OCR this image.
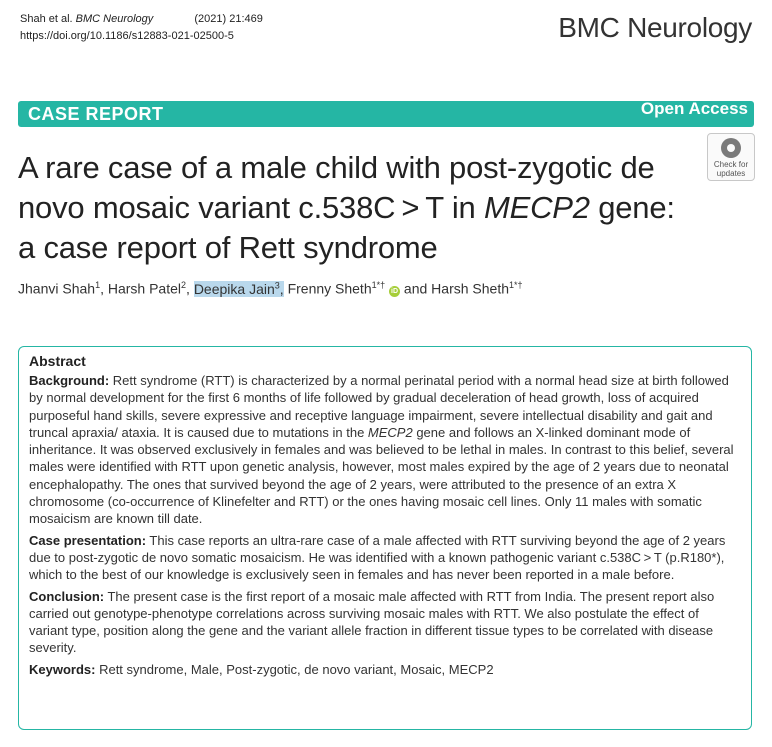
Shah et al. BMC Neurology	(2021) 21:469
https://doi.org/10.1186/s12883-021-02500-5	BMC Neurology
CASE REPORT	Open Access
Check for
updates
A rare case of a male child with post-zygotic de novo mosaic variant c.538C > T in MECP2 gene: a case report of Rett syndrome
Jhanvi Shah$^1$, Harsh Patel$^2$, Deepika Jain$^3$, Frenny Sheth$^{1*\dagger}$ iD and Harsh Sheth$^{1*\dagger}$
Abstract

Background: Rett syndrome (RTT) is characterized by a normal perinatal period with a normal head size at birth followed by normal development for the first 6 months of life followed by gradual deceleration of head growth, loss of acquired purposeful hand skills, severe expressive and receptive language impairment, severe intellectual disability and gait and truncal apraxia/ ataxia. It is caused due to mutations in the MECP2 gene and follows an X-linked dominant mode of inheritance. It was observed exclusively in females and was believed to be lethal in males. In contrast to this belief, several males were identified with RTT upon genetic analysis, however, most males expired by the age of 2 years due to neonatal encephalopathy. The ones that survived beyond the age of 2 years, were attributed to the presence of an extra X chromosome (co-occurrence of Klinefelter and RTT) or the ones having mosaic cell lines. Only 11 males with somatic mosaicism are known till date.

Case presentation: This case reports an ultra-rare case of a male affected with RTT surviving beyond the age of 2 years due to post-zygotic de novo somatic mosaicism. He was identified with a known pathogenic variant c.538C > T (p.R180*), which to the best of our knowledge is exclusively seen in females and has never been reported in a male before.

Conclusion: The present case is the first report of a mosaic male affected with RTT from India. The present report also carried out genotype-phenotype correlations across surviving mosaic males with RTT. We also postulate the effect of variant type, position along the gene and the variant allele fraction in different tissue types to be correlated with disease severity.

Keywords: Rett syndrome, Male, Post-zygotic, de novo variant, Mosaic, MECP2
